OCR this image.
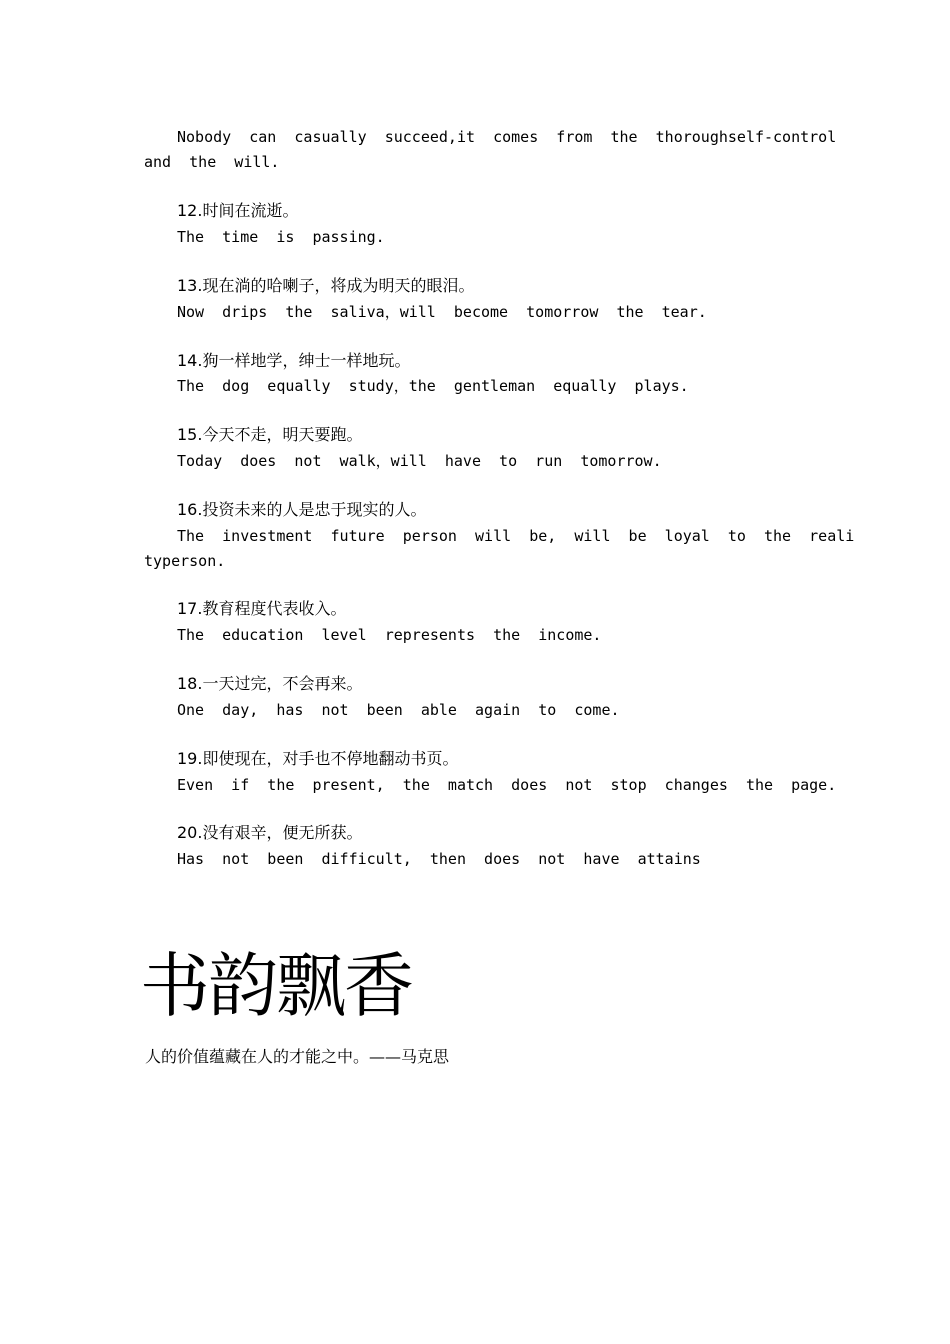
Nobody  can  casually  succeed,it  comes  from  the  thoroughself-control
and  the  will.
12.时间在流逝。
The  time  is  passing.
13.现在淌的哈喇子，将成为明天的眼泪。
Now  drips  the  saliva，will  become  tomorrow  the  tear.
14.狗一样地学，绅士一样地玩。
The  dog  equally  study，the  gentleman  equally  plays.
15.今天不走，明天要跑。
Today  does  not  walk，will  have  to  run  tomorrow.
16.投资未来的人是忠于现实的人。
The  investment  future  person  will  be,  will  be  loyal  to  the  reali
typerson.
17.教育程度代表收入。
The  education  level  represents  the  income.
18.一天过完，不会再来。
One  day,  has  not  been  able  again  to  come.
19.即使现在，对手也不停地翻动书页。
Even  if  the  present,  the  match  does  not  stop  changes  the  page.
20.没有艰辛，便无所获。
Has  not  been  difficult,  then  does  not  have  attains
书韵飘香
人的价值蕴藏在人的才能之中。——马克思
